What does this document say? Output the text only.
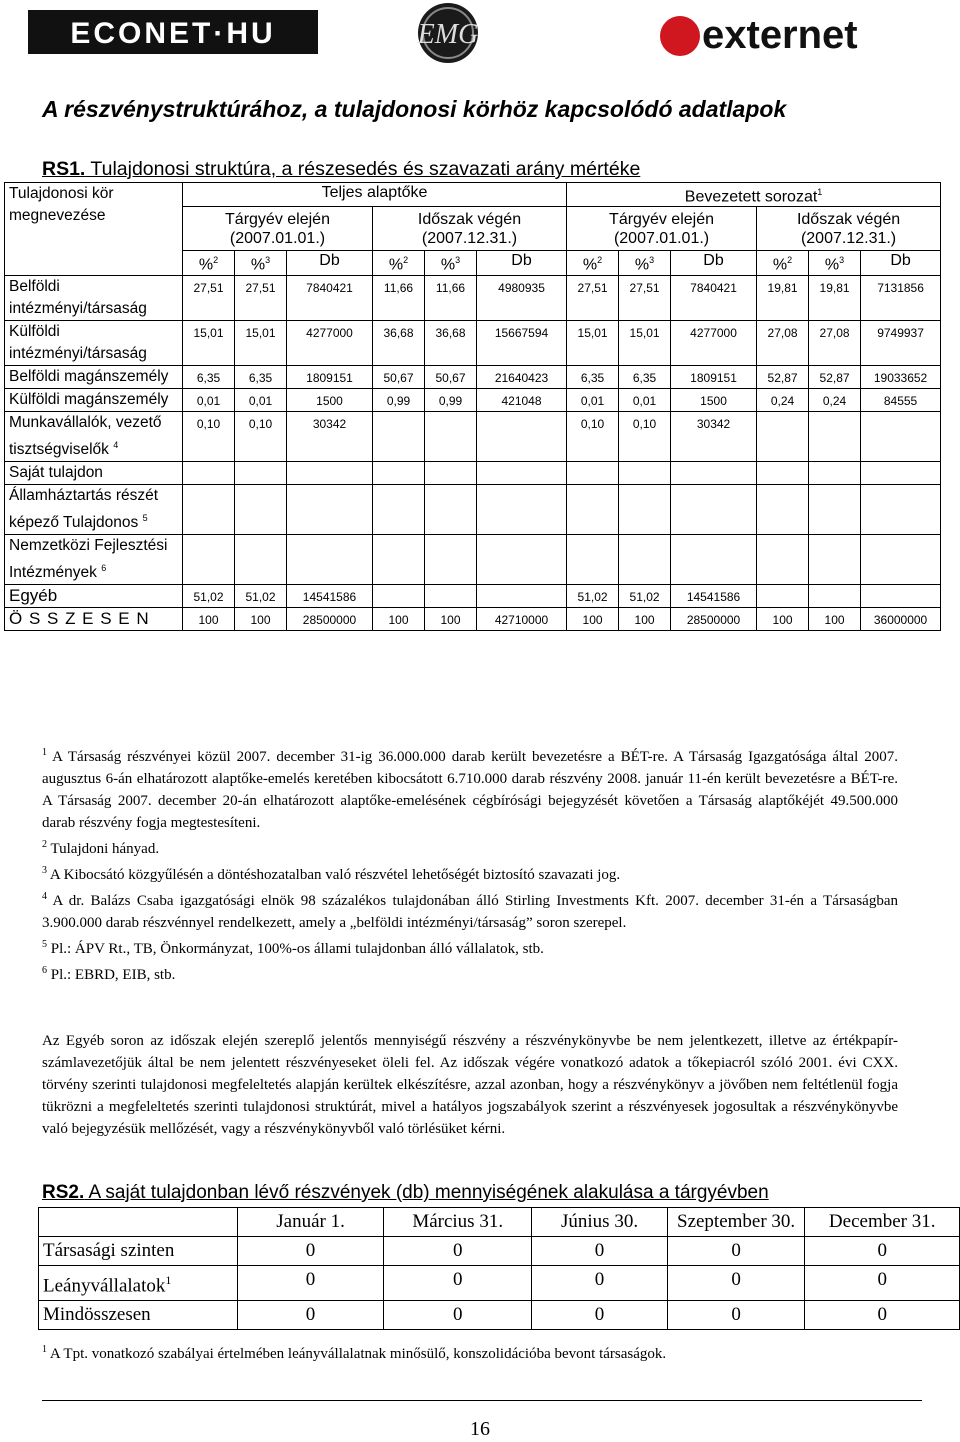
ECONET·HU	EMG	externet
A részvénystruktúrához, a tulajdonosi körhöz kapcsolódó adatlapok
RS1. Tulajdonosi struktúra, a részesedés és szavazati arány mértéke
Tulajdonosi kör megnevezése	Teljes alaptőke						Bevezetett sorozat$^1$
	Tárgyév elején (2007.01.01.)			Időszak végén (2007.12.31.)			Tárgyév elején (2007.01.01.)			Időszak végén (2007.12.31.)		
	%$^2$	%$^3$	Db	%$^2$	%$^3$	Db	%$^2$	%$^3$	Db	%$^2$	%$^3$	Db
Belföldi intézményi/társaság	27,51	27,51	7840421	11,66	11,66	4980935	27,51	27,51	7840421	19,81	19,81	7131856
Külföldi intézményi/társaság	15,01	15,01	4277000	36,68	36,68	15667594	15,01	15,01	4277000	27,08	27,08	9749937
Belföldi magánszemély	6,35	6,35	1809151	50,67	50,67	21640423	6,35	6,35	1809151	52,87	52,87	19033652
Külföldi magánszemély	0,01	0,01	1500	0,99	0,99	421048	0,01	0,01	1500	0,24	0,24	84555
Munkavállalók, vezető tisztségviselők $^4$	0,10	0,10	30342				0,10	0,10	30342			
Saját tulajdon												
Államháztartás részét képező Tulajdonos $^5$												
Nemzetközi Fejlesztési Intézmények $^6$												
Egyéb	51,02	51,02	14541586				51,02	51,02	14541586			
Ö S S Z E S E N	100	100	28500000	100	100	42710000	100	100	28500000	100	100	36000000

$^1$ A Társaság részvényei közül 2007. december 31-ig 36.000.000 darab került bevezetésre a BÉT-re. A Társaság Igazgatósága által 2007. augusztus 6-án elhatározott alaptőke-emelés keretében kibocsátott 6.710.000 darab részvény 2008. január 11-én került bevezetésre a BÉT-re. A Társaság 2007. december 20-án elhatározott alaptőke-emelésének cégbírósági bejegyzését követően a Társaság alaptőkéjét 49.500.000 darab részvény fogja megtestesíteni.

$^2$ Tulajdoni hányad.

$^3$ A Kibocsátó közgyűlésén a döntéshozatalban való részvétel lehetőségét biztosító szavazati jog.

$^4$ A dr. Balázs Csaba igazgatósági elnök 98 százalékos tulajdonában álló Stirling Investments Kft. 2007. december 31-én a Társaságban 3.900.000 darab részvénnyel rendelkezett, amely a „belföldi intézményi/társaság” soron szerepel.

$^5$ Pl.: ÁPV Rt., TB, Önkormányzat, 100%-os állami tulajdonban álló vállalatok, stb.

$^6$ Pl.: EBRD, EIB, stb.

Az Egyéb soron az időszak elején szereplő jelentős mennyiségű részvény a részvénykönyvbe be nem jelentkezett, illetve az értékpapír-számlavezetőjük által be nem jelentett részvényeseket öleli fel. Az időszak végére vonatkozó adatok a tőkepiacról szóló 2001. évi CXX. törvény szerinti tulajdonosi megfeleltetés alapján kerültek elkészítésre, azzal azonban, hogy a részvénykönyv a jövőben nem feltétlenül fogja tükrözni a megfeleltetés szerinti tulajdonosi struktúrát, mivel a hatályos jogszabályok szerint a részvényesek jogosultak a részvénykönyvbe való bejegyzésük mellőzését, vagy a részvénykönyvből való törlésüket kérni.
RS2. A saját tulajdonban lévő részvények (db) mennyiségének alakulása a tárgyévben
	Január 1.	Március 31.	Június 30.	Szeptember 30.	December 31.
Társasági szinten	0	0	0	0	0
Leányvállalatok$^1$	0	0	0	0	0
Mindösszesen	0	0	0	0	0
$^1$ A Tpt. vonatkozó szabályai értelmében leányvállalatnak minősülő, konszolidációba bevont társaságok.
16
